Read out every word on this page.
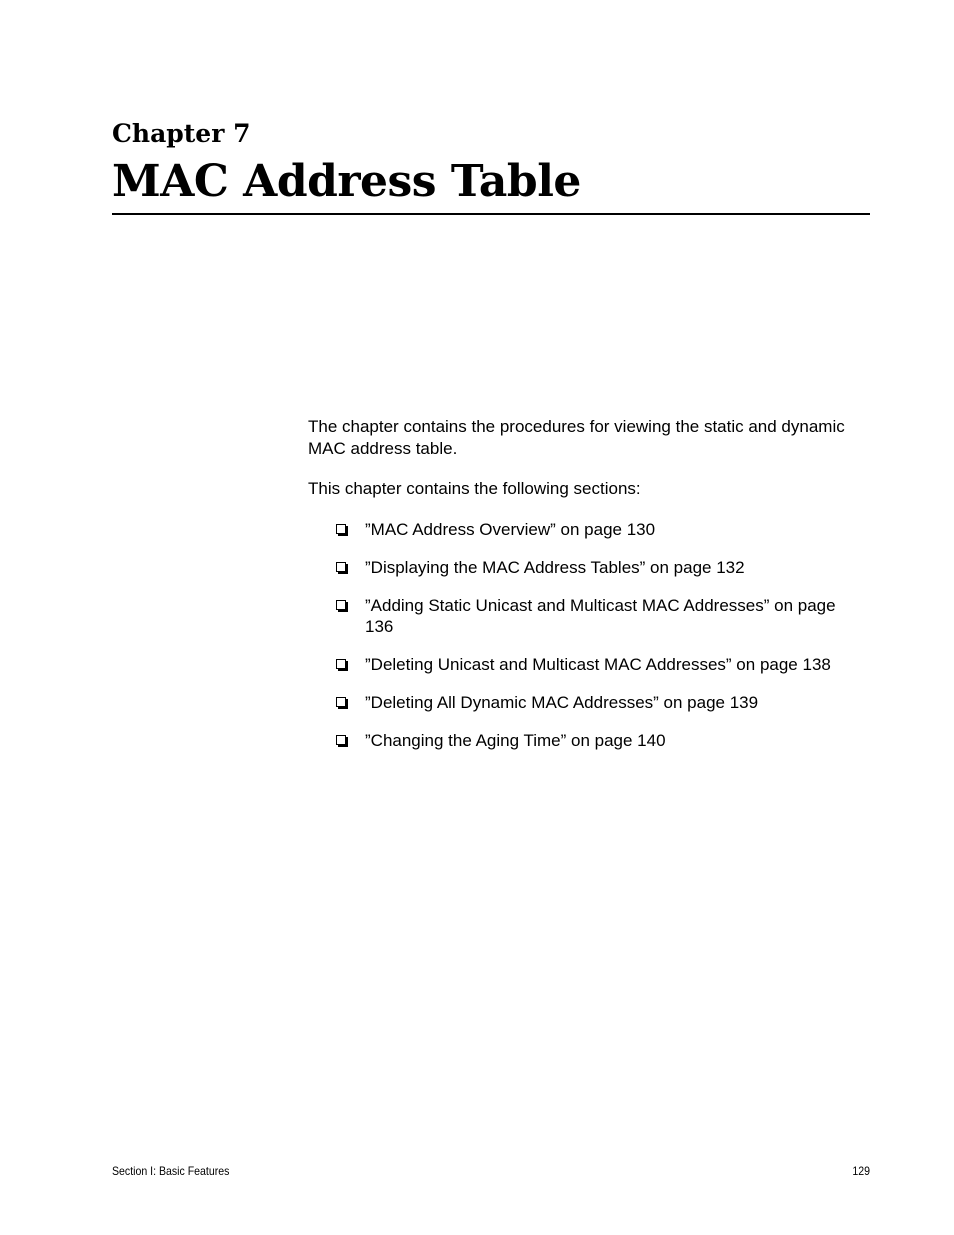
Chapter 7
MAC Address Table

The chapter contains the procedures for viewing the static and dynamic MAC address table.

This chapter contains the following sections:

”MAC Address Overview” on page 130
”Displaying the MAC Address Tables” on page 132
”Adding Static Unicast and Multicast MAC Addresses” on page 136
”Deleting Unicast and Multicast MAC Addresses” on page 138
”Deleting All Dynamic MAC Addresses” on page 139
”Changing the Aging Time” on page 140
Section I: Basic Features	129
